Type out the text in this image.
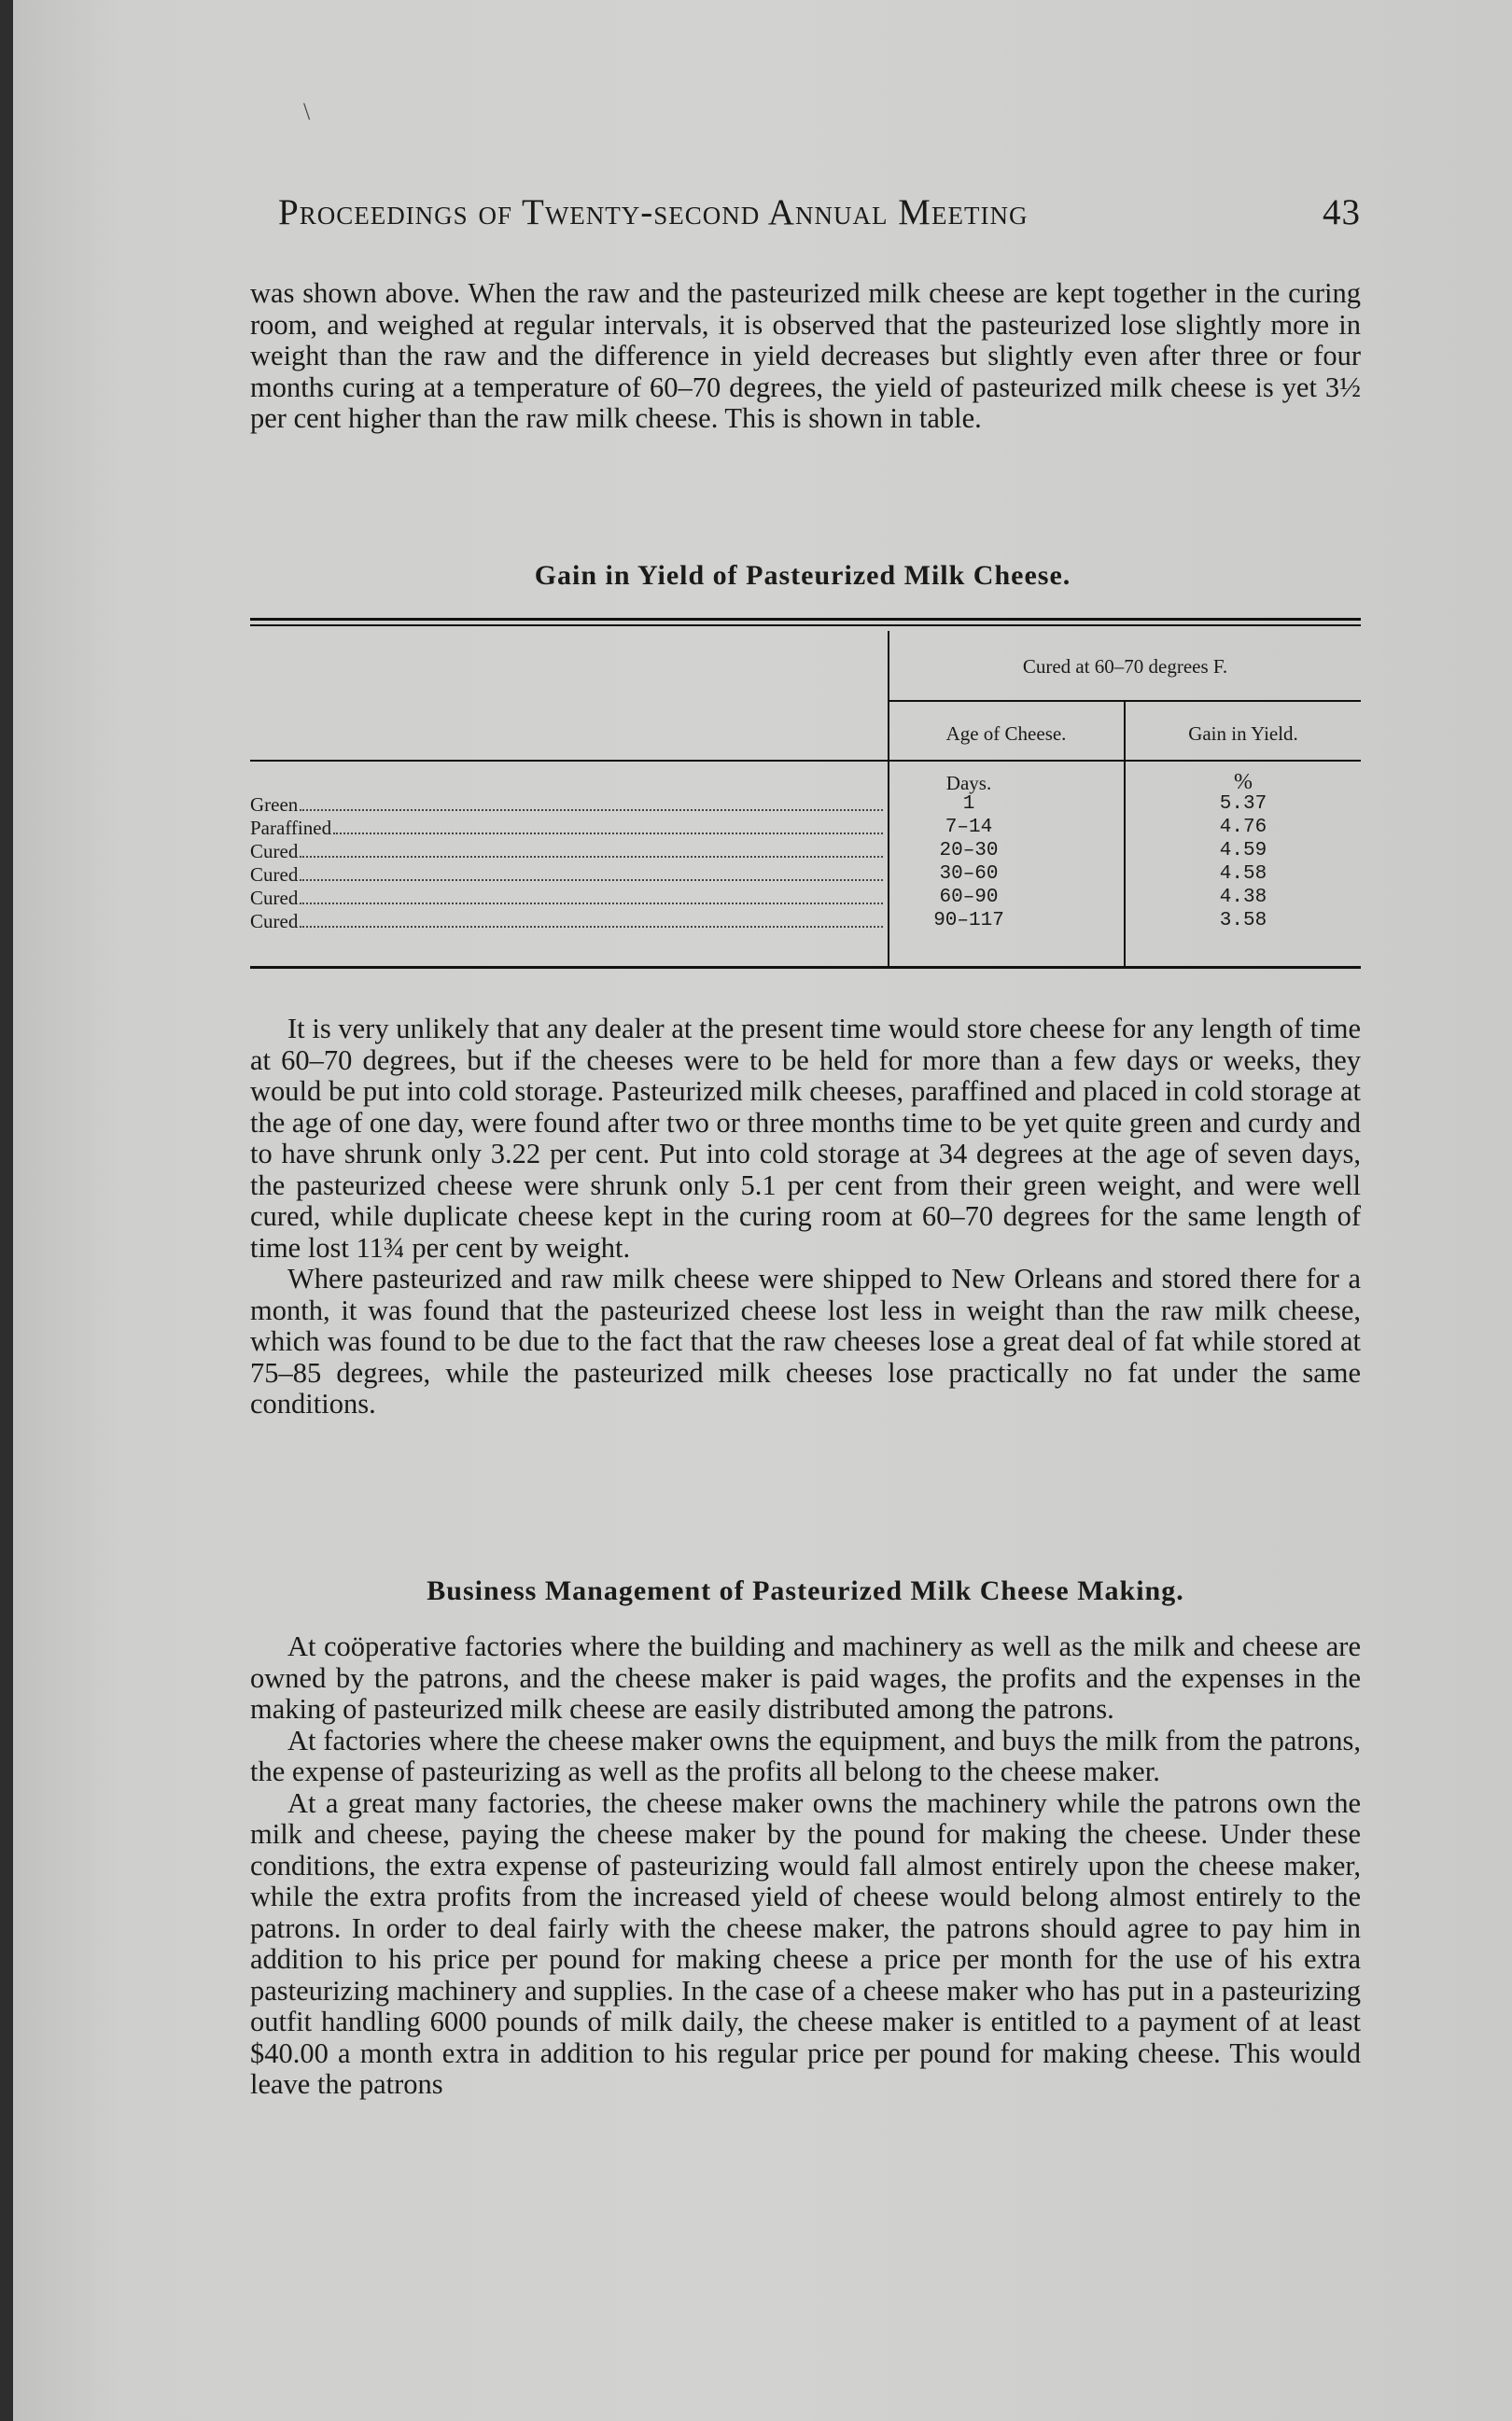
\
Proceedings of Twenty-second Annual Meeting	43

was shown above. When the raw and the pasteurized milk cheese are kept together in the curing room, and weighed at regular intervals, it is observed that the pasteurized lose slightly more in weight than the raw and the difference in yield decreases but slightly even after three or four months curing at a temperature of 60–70 degrees, the yield of pasteurized milk cheese is yet 3½ per cent higher than the raw milk cheese. This is shown in table.

Gain in Yield of Pasteurized Milk Cheese.
Cured at 60–70 degrees F.
Age of Cheese.	Gain in Yield.
Days.	%
Green	1	5.37
Paraffined	7–14	4.76
Cured	20–30	4.59
Cured	30–60	4.58
Cured	60–90	4.38
Cured	90–117	3.58

It is very unlikely that any dealer at the present time would store cheese for any length of time at 60–70 degrees, but if the cheeses were to be held for more than a few days or weeks, they would be put into cold storage. Pasteurized milk cheeses, paraffined and placed in cold storage at the age of one day, were found after two or three months time to be yet quite green and curdy and to have shrunk only 3.22 per cent. Put into cold storage at 34 degrees at the age of seven days, the pasteurized cheese were shrunk only 5.1 per cent from their green weight, and were well cured, while duplicate cheese kept in the curing room at 60–70 degrees for the same length of time lost 11¾ per cent by weight.

Where pasteurized and raw milk cheese were shipped to New Orleans and stored there for a month, it was found that the pasteurized cheese lost less in weight than the raw milk cheese, which was found to be due to the fact that the raw cheeses lose a great deal of fat while stored at 75–85 degrees, while the pasteurized milk cheeses lose practically no fat under the same conditions.

Business Management of Pasteurized Milk Cheese Making.

At coöperative factories where the building and machinery as well as the milk and cheese are owned by the patrons, and the cheese maker is paid wages, the profits and the expenses in the making of pasteurized milk cheese are easily distributed among the patrons.

At factories where the cheese maker owns the equipment, and buys the milk from the patrons, the expense of pasteurizing as well as the profits all belong to the cheese maker.

At a great many factories, the cheese maker owns the machinery while the patrons own the milk and cheese, paying the cheese maker by the pound for making the cheese. Under these conditions, the extra expense of pasteurizing would fall almost entirely upon the cheese maker, while the extra profits from the increased yield of cheese would belong almost entirely to the patrons. In order to deal fairly with the cheese maker, the patrons should agree to pay him in addition to his price per pound for making cheese a price per month for the use of his extra pasteurizing machinery and supplies. In the case of a cheese maker who has put in a pasteurizing outfit handling 6000 pounds of milk daily, the cheese maker is entitled to a payment of at least $40.00 a month extra in addition to his regular price per pound for making cheese. This would leave the patrons
